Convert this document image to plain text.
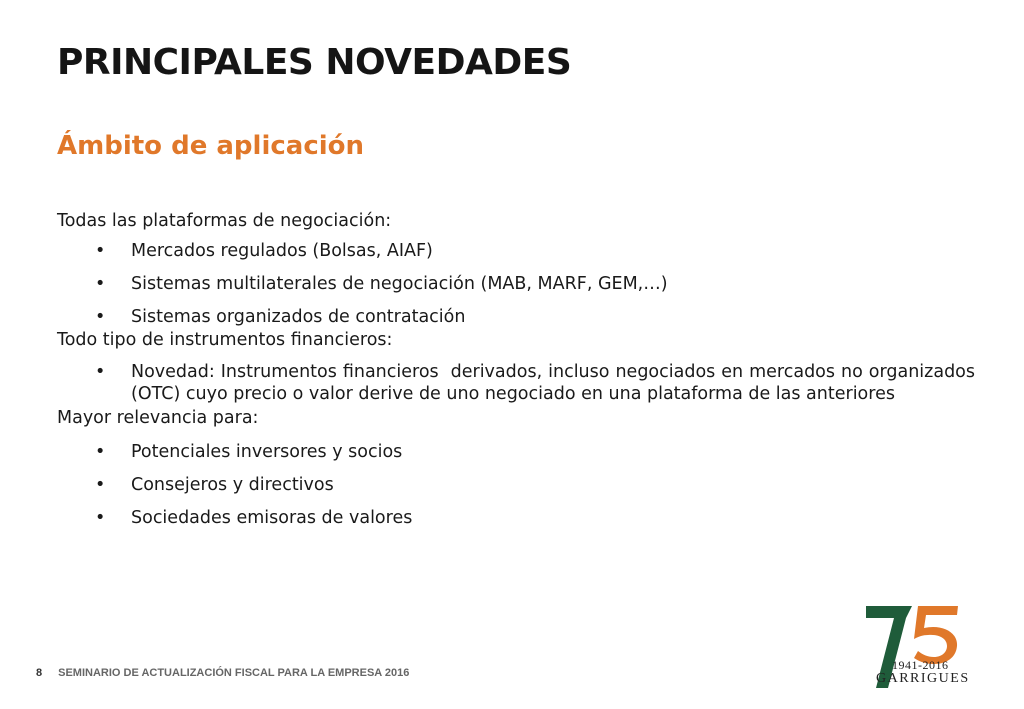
PRINCIPALES NOVEDADES
Ámbito de aplicación

Todas las plataformas de negociación:

• Mercados regulados (Bolsas, AIAF)
• Sistemas multilaterales de negociación (MAB, MARF, GEM,…)
• Sistemas organizados de contratación

Todo tipo de instrumentos financieros:

• Novedad: Instrumentos financieros  derivados, incluso negociados en mercados no organizados (OTC) cuyo precio o valor derive de uno negociado en una plataforma de las anteriores

Mayor relevancia para:

• Potenciales inversores y socios
• Consejeros y directivos
• Sociedades emisoras de valores
8 SEMINARIO DE ACTUALIZACIÓN FISCAL PARA LA EMPRESA 2016
1941-2016
GARRIGUES
